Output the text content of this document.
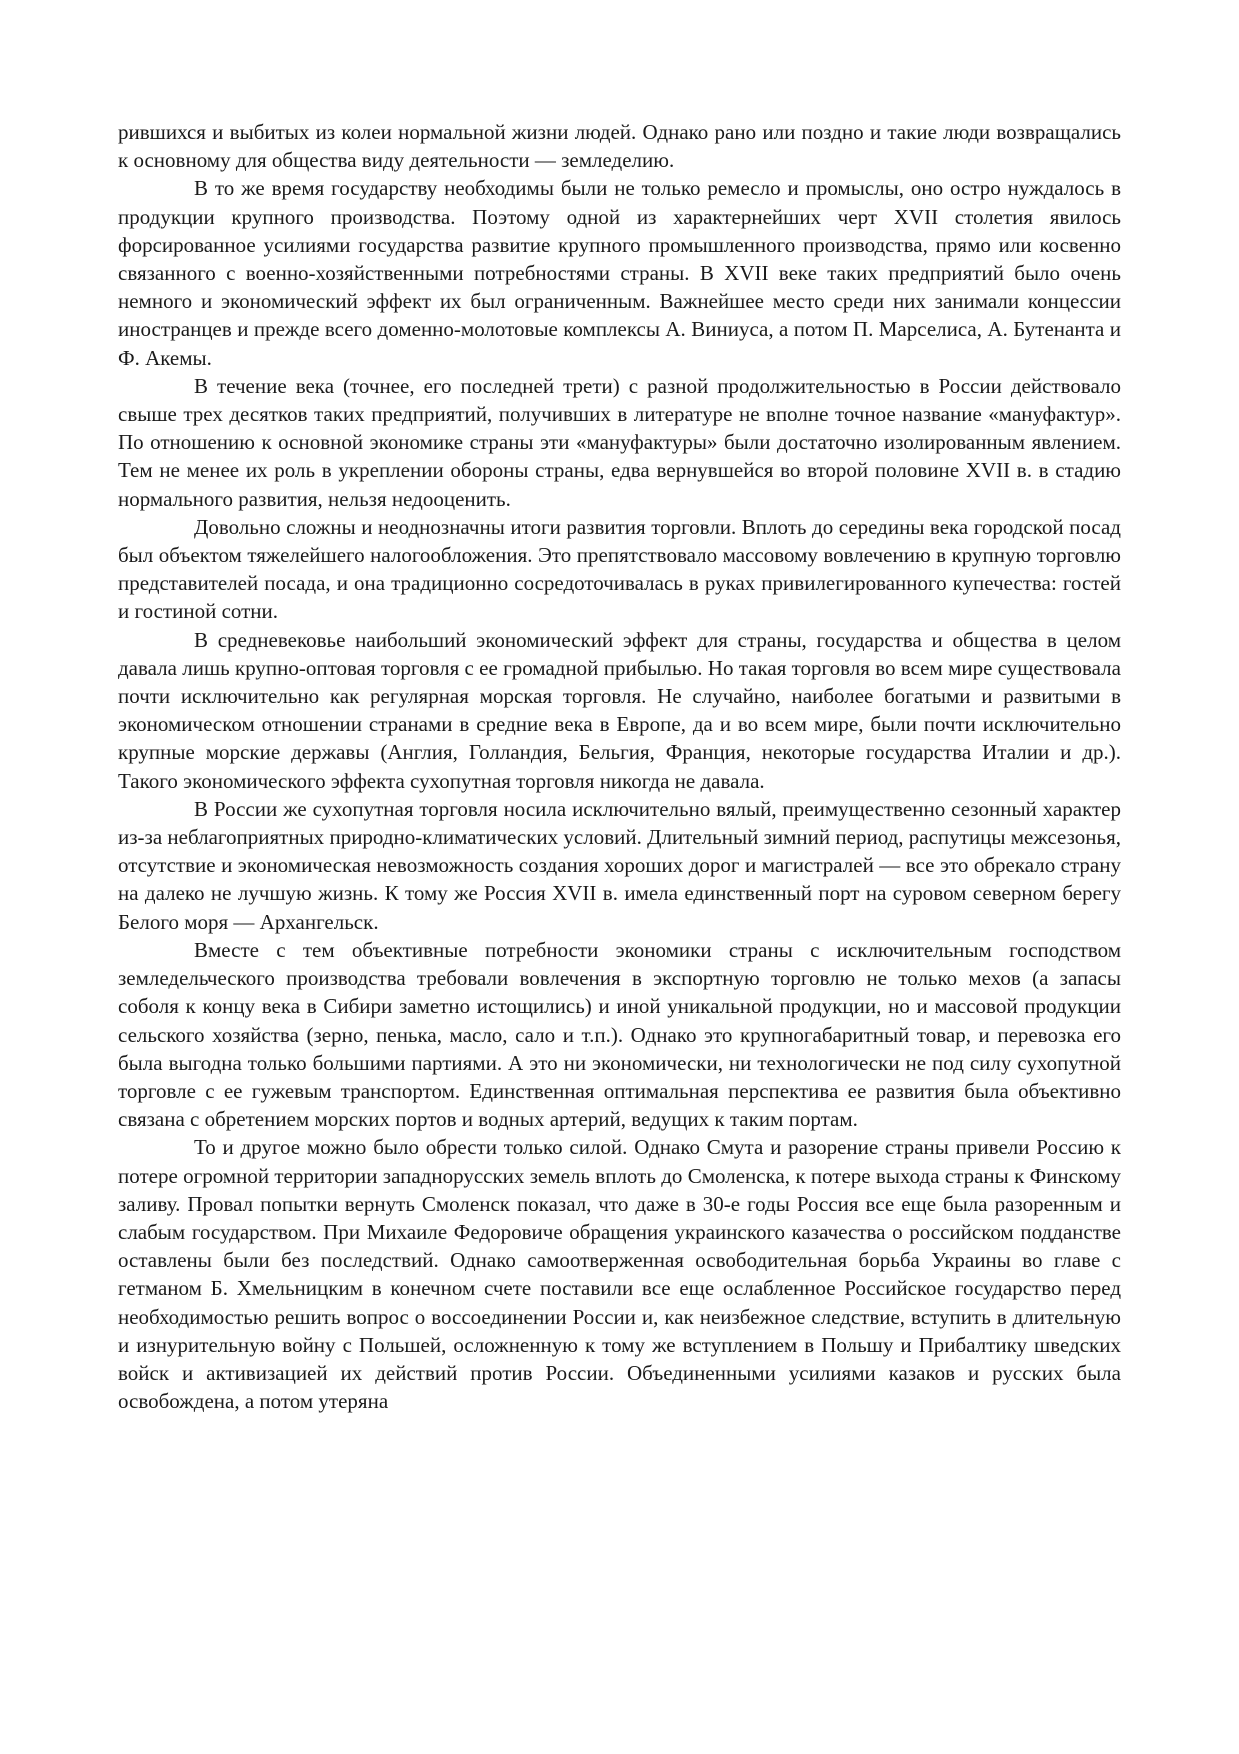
рившихся и выбитых из колеи нормальной жизни людей. Однако рано или поздно и такие люди возвращались к основному для общества виду деятельности — земледелию.

В то же время государству необходимы были не только ремесло и промыслы, оно остро нуждалось в продукции крупного производства. Поэтому одной из характернейших черт XVII столетия явилось форсированное усилиями государства развитие крупного промышленного производства, прямо или косвенно связанного с военно-хозяйственными потребностями страны. В XVII веке таких предприятий было очень немного и экономический эффект их был ограниченным. Важнейшее место среди них занимали концессии иностранцев и прежде всего доменно-молотовые комплексы А. Виниуса, а потом П. Марселиса, А. Бутенанта и Ф. Акемы.

В течение века (точнее, его последней трети) с разной продолжительностью в России действовало свыше трех десятков таких предприятий, получивших в литературе не вполне точное название «мануфактур». По отношению к основной экономике страны эти «мануфактуры» были достаточно изолированным явлением. Тем не менее их роль в укреплении обороны страны, едва вернувшейся во второй половине XVII в. в стадию нормального развития, нельзя недооценить.

Довольно сложны и неоднозначны итоги развития торговли. Вплоть до середины века городской посад был объектом тяжелейшего налогообложения. Это препятствовало массовому вовлечению в крупную торговлю представителей посада, и она традиционно сосредоточивалась в руках привилегированного купечества: гостей и гостиной сотни.

В средневековье наибольший экономический эффект для страны, государства и общества в целом давала лишь крупно-оптовая торговля с ее громадной прибылью. Но такая торговля во всем мире существовала почти исключительно как регулярная морская торговля. Не случайно, наиболее богатыми и развитыми в экономическом отношении странами в средние века в Европе, да и во всем мире, были почти исключительно крупные морские державы (Англия, Голландия, Бельгия, Франция, некоторые государства Италии и др.). Такого экономического эффекта сухопутная торговля никогда не давала.

В России же сухопутная торговля носила исключительно вялый, преимущественно сезонный характер из-за неблагоприятных природно-климатических условий. Длительный зимний период, распутицы межсезонья, отсутствие и экономическая невозможность создания хороших дорог и магистралей — все это обрекало страну на далеко не лучшую жизнь. К тому же Россия XVII в. имела единственный порт на суровом северном берегу Белого моря — Архангельск.

Вместе с тем объективные потребности экономики страны с исключительным господством земледельческого производства требовали вовлечения в экспортную торговлю не только мехов (а запасы соболя к концу века в Сибири заметно истощились) и иной уникальной продукции, но и массовой продукции сельского хозяйства (зерно, пенька, масло, сало и т.п.). Однако это крупногабаритный товар, и перевозка его была выгодна только большими партиями. А это ни экономически, ни технологически не под силу сухопутной торговле с ее гужевым транспортом. Единственная оптимальная перспектива ее развития была объективно связана с обретением морских портов и водных артерий, ведущих к таким портам.

То и другое можно было обрести только силой. Однако Смута и разорение страны привели Россию к потере огромной территории западнорусских земель вплоть до Смоленска, к потере выхода страны к Финскому заливу. Провал попытки вернуть Смоленск показал, что даже в 30-е годы Россия все еще была разоренным и слабым государством. При Михаиле Федоровиче обращения украинского казачества о российском подданстве оставлены были без последствий. Однако самоотверженная освободительная борьба Украины во главе с гетманом Б. Хмельницким в конечном счете поставили все еще ослабленное Российское государство перед необходимостью решить вопрос о воссоединении России и, как неизбежное следствие, вступить в длительную и изнурительную войну с Польшей, осложненную к тому же вступлением в Польшу и Прибалтику шведских войск и активизацией их действий против России. Объединенными усилиями казаков и русских была освобождена, а потом утеряна
